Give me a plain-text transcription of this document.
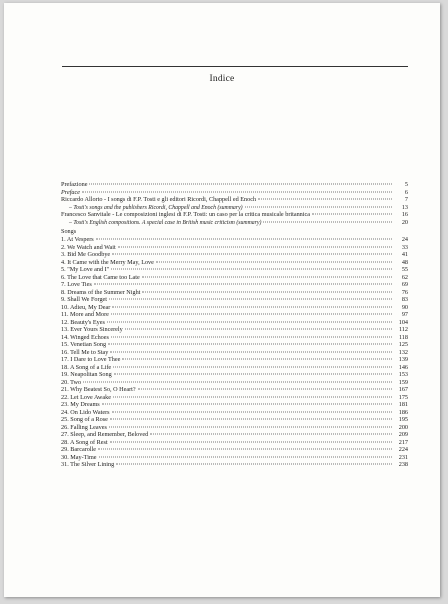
Indice
Prefazione	5
Preface	6
Riccardo Allorto - I songs di F.P. Tosti e gli editori Ricordi, Chappell ed Enoch	7
– Tosti's songs and the publishers Ricordi, Chappell and Enoch (summary)	13
Francesco Sanvitale - Le composizioni inglesi di F.P. Tosti: un caso per la critica musicale britannica	16
– Tosti's English compositions. A special case in British music criticism (summary)	20
Songs
1. At Vespers	24
2. We Watch and Wait	33
3. Bid Me Goodbye	41
4. It Came with the Merry May, Love	48
5. "My Love and I"	55
6. The Love that Came too Late	62
7. Love Ties	69
8. Dreams of the Summer Night	76
9. Shall We Forget	83
10. Adieu, My Dear	90
11. More and More	97
12. Beauty's Eyes	104
13. Ever Yours Sincerely	112
14. Winged Echoes	118
15. Venetian Song	125
16. Tell Me to Stay	132
17. I Dare to Love Thee	139
18. A Song of a Life	146
19. Neapolitan Song	153
20. Two	159
21. Why Beatest So, O Heart?	167
22. Let Love Awake	175
23. My Dreams	181
24. On Lido Waters	186
25. Song of a Rose	195
26. Falling Leaves	200
27. Sleep, and Remember, Beloved	209
28. A Song of Rest	217
29. Barcarolle	224
30. May-Time	231
31. The Silver Lining	238
